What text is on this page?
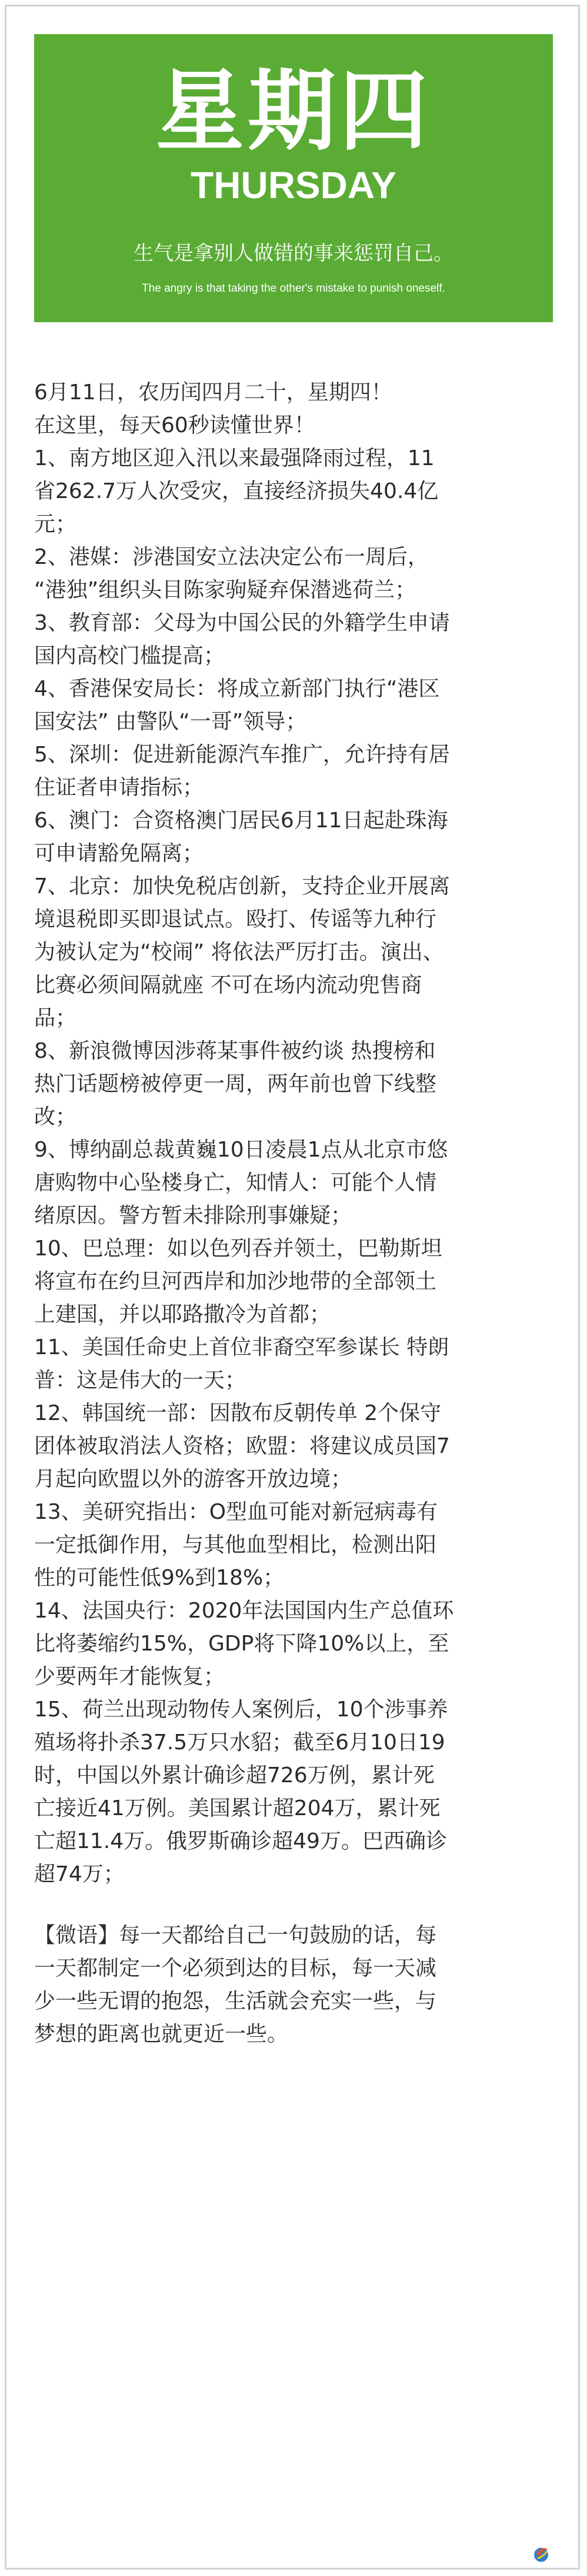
星期四
THURSDAY
生气是拿别人做错的事来惩罚自己。
The angry is that taking the other's mistake to punish oneself.

6月11日，农历闰四月二十，星期四！

在这里，每天60秒读懂世界！

1、南方地区迎入汛以来最强降雨过程，11
省262.7万人次受灾，直接经济损失40.4亿
元；

2、港媒：涉港国安立法决定公布一周后，
“港独”组织头目陈家驹疑弃保潜逃荷兰；

3、教育部：父母为中国公民的外籍学生申请
国内高校门槛提高；

4、香港保安局长：将成立新部门执行“港区
国安法” 由警队“一哥”领导；

5、深圳：促进新能源汽车推广，允许持有居
住证者申请指标；

6、澳门：合资格澳门居民6月11日起赴珠海
可申请豁免隔离；

7、北京：加快免税店创新，支持企业开展离
境退税即买即退试点。殴打、传谣等九种行
为被认定为“校闹” 将依法严厉打击。演出、
比赛必须间隔就座 不可在场内流动兜售商
品；

8、新浪微博因涉蒋某事件被约谈 热搜榜和
热门话题榜被停更一周，两年前也曾下线整
改；

9、博纳副总裁黄巍10日凌晨1点从北京市悠
唐购物中心坠楼身亡，知情人：可能个人情
绪原因。警方暂未排除刑事嫌疑；

10、巴总理：如以色列吞并领土，巴勒斯坦
将宣布在约旦河西岸和加沙地带的全部领土
上建国，并以耶路撒冷为首都；

11、美国任命史上首位非裔空军参谋长 特朗
普：这是伟大的一天；

12、韩国统一部：因散布反朝传单 2个保守
团体被取消法人资格；欧盟：将建议成员国7
月起向欧盟以外的游客开放边境；

13、美研究指出：O型血可能对新冠病毒有
一定抵御作用，与其他血型相比，检测出阳
性的可能性低9%到18%；

14、法国央行：2020年法国国内生产总值环
比将萎缩约15%，GDP将下降10%以上，至
少要两年才能恢复；

15、荷兰出现动物传人案例后，10个涉事养
殖场将扑杀37.5万只水貂；截至6月10日19
时，中国以外累计确诊超726万例，累计死
亡接近41万例。美国累计超204万，累计死
亡超11.4万。俄罗斯确诊超49万。巴西确诊
超74万；

【微语】每一天都给自己一句鼓励的话，每
一天都制定一个必须到达的目标，每一天减
少一些无谓的抱怨，生活就会充实一些，与
梦想的距离也就更近一些。
